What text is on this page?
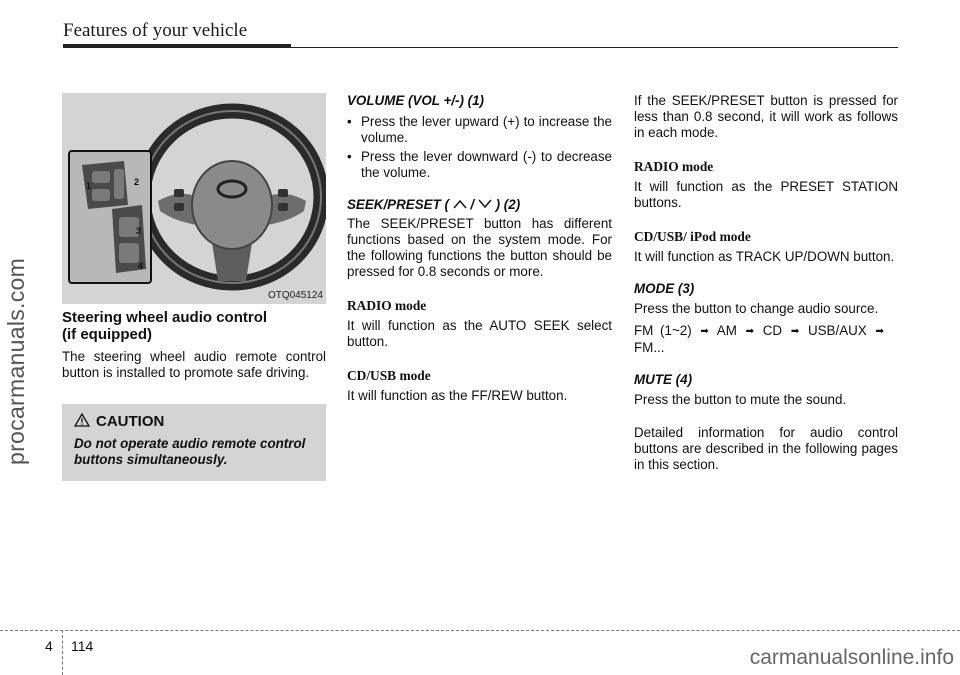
Features of your vehicle
procarmanuals.com
1	2
3
4
OTQ045124
Steering wheel audio control
(if equipped)

The steering wheel audio remote control button is installed to promote safe driving.

CAUTION
Do not operate audio remote control buttons simultaneously.

VOLUME (VOL +/-) (1)

• Press the lever upward (+) to increase the volume.
• Press the lever downward (-) to decrease the volume.

SEEK/PRESET ( / ) (2)

The SEEK/PRESET button has different functions based on the system mode. For the following functions the button should be pressed for 0.8 seconds or more.

RADIO mode

It will function as the AUTO SEEK select button.

CD/USB mode

It will function as the FF/REW button.

If the SEEK/PRESET button is pressed for less than 0.8 second, it will work as follows in each mode.

RADIO mode

It will function as the PRESET STATION buttons.

CD/USB/ iPod mode

It will function as TRACK UP/DOWN button.

MODE (3)

Press the button to change audio source.

FM (1~2) ➡ AM ➡ CD ➡ USB/AUX ➡ FM...

MUTE (4)

Press the button to mute the sound.

Detailed information for audio control buttons are described in the following pages in this section.

4 114	carmanualsonline.info
